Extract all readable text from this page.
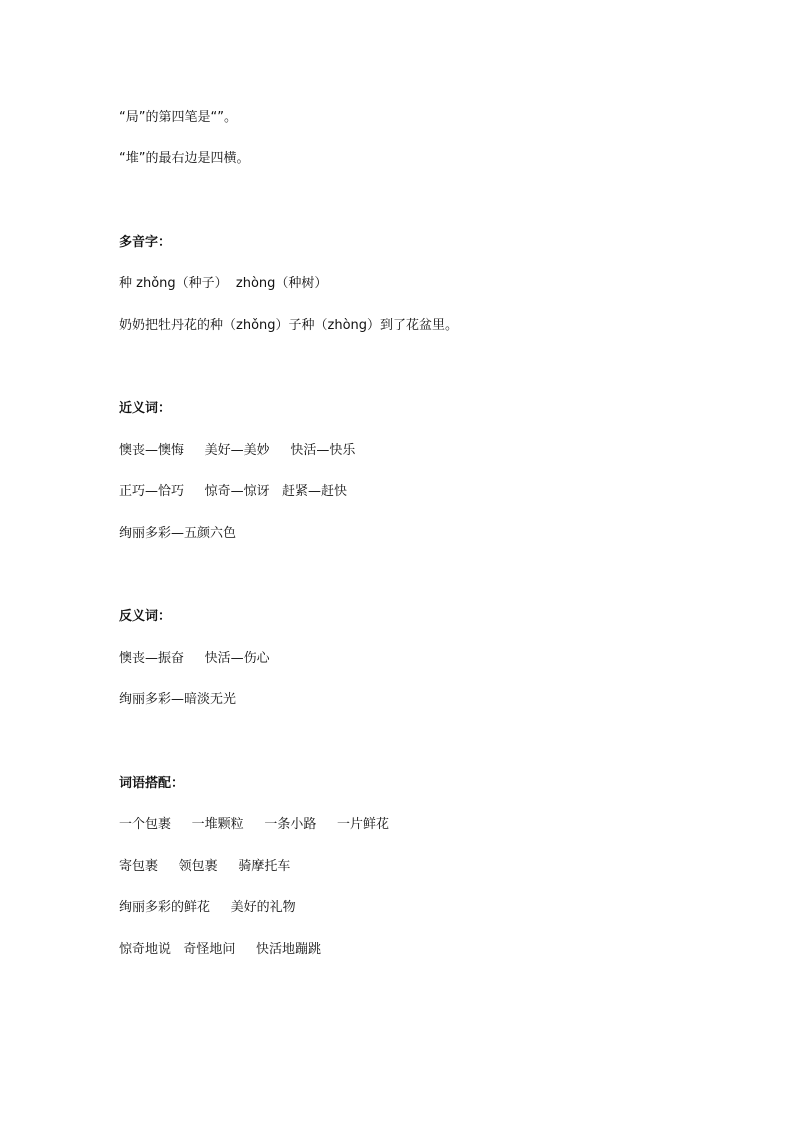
“局”的第四笔是“”。

“堆”的最右边是四横。

多音字：

种 zhǒng（种子）  zhòng（种树）

奶奶把牡丹花的种（zhǒng）子种（zhòng）到了花盆里。

近义词：

懊丧—懊悔     美好—美妙     快活—快乐

正巧—恰巧     惊奇—惊讶   赶紧—赶快

绚丽多彩—五颜六色

反义词：

懊丧—振奋     快活—伤心

绚丽多彩—暗淡无光

词语搭配：

一个包裹     一堆颗粒     一条小路     一片鲜花

寄包裹     领包裹     骑摩托车

绚丽多彩的鲜花     美好的礼物

惊奇地说   奇怪地问     快活地蹦跳
